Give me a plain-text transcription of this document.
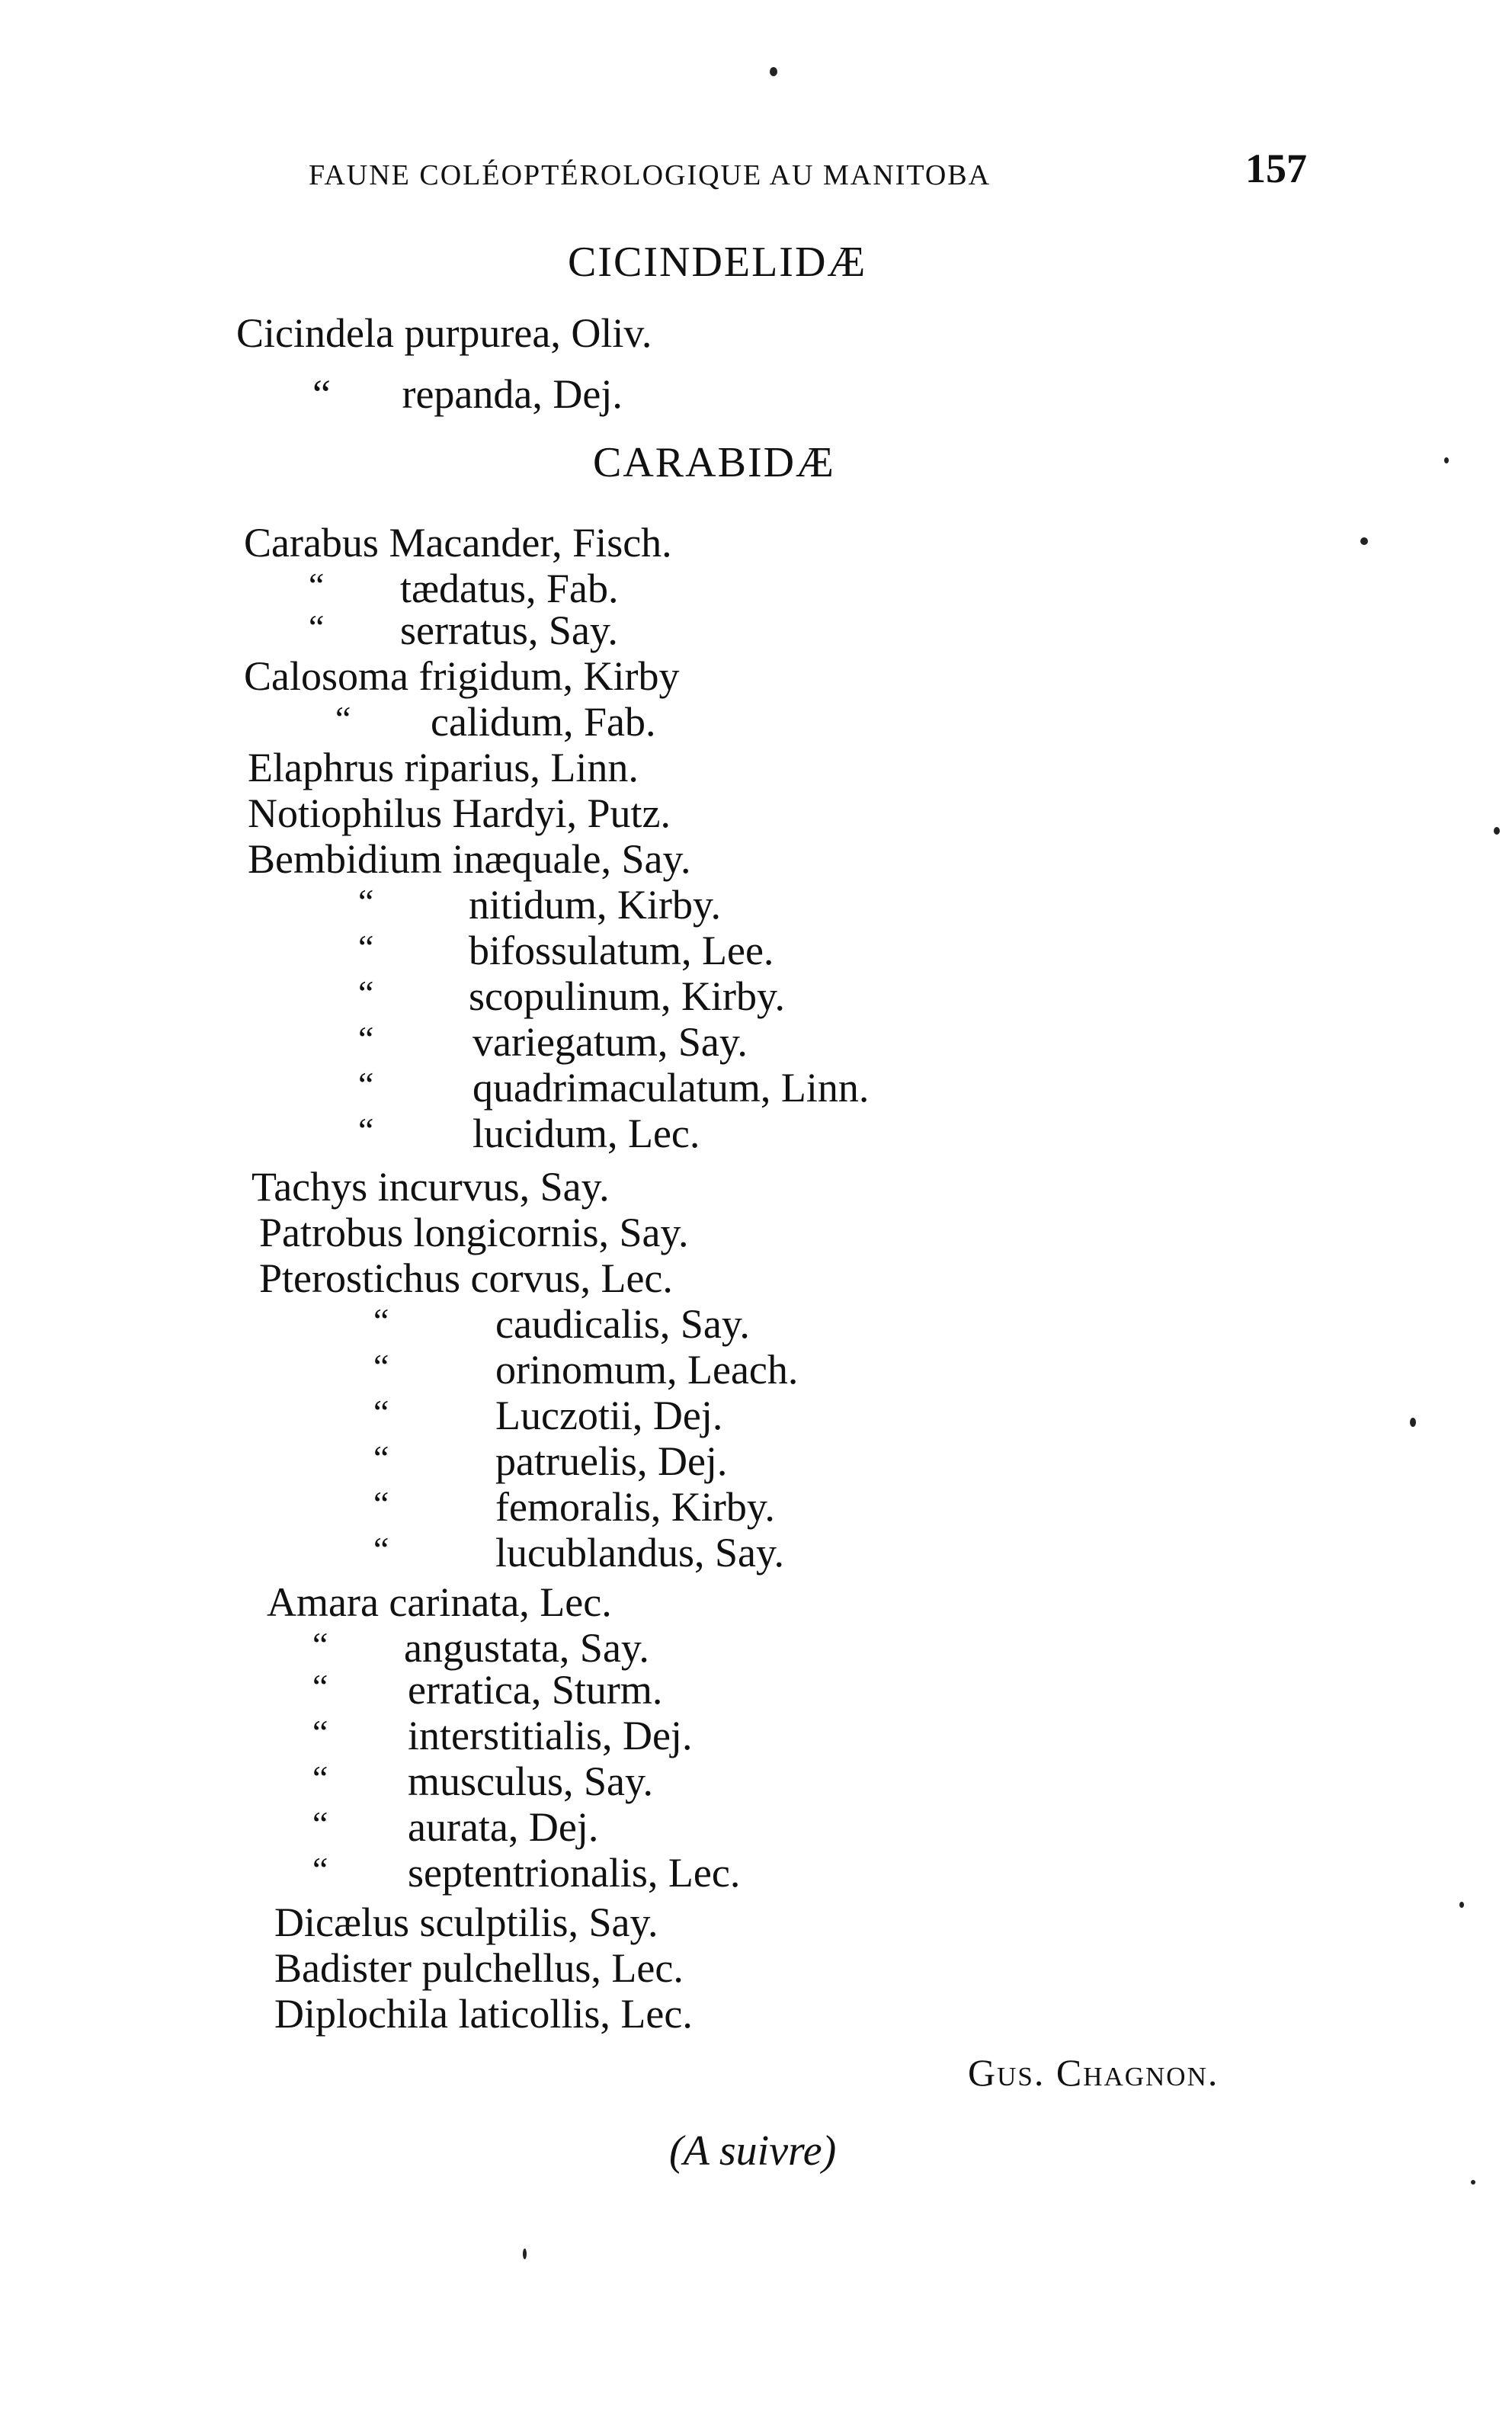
FAUNE COLÉOPTÉROLOGIQUE AU MANITOBA	157
CICINDELIDÆ
Cicindela purpurea, Oliv.
“ repanda, Dej.
CARABIDÆ
Carabus Macander, Fisch.
“ tædatus, Fab.
“ serratus, Say.
Calosoma frigidum, Kirby
“ calidum, Fab.
Elaphrus riparius, Linn.
Notiophilus Hardyi, Putz.
Bembidium inæquale, Say.
“ nitidum, Kirby.
“ bifossulatum, Lee.
“ scopulinum, Kirby.
“ variegatum, Say.
“ quadrimaculatum, Linn.
“ lucidum, Lec.
Tachys incurvus, Say.
Patrobus longicornis, Say.
Pterostichus corvus, Lec.
“	caudicalis, Say.
“	orinomum, Leach.
“	Luczotii, Dej.
“	patruelis, Dej.
“	femoralis, Kirby.
“	lucublandus, Say.
Amara carinata, Lec.
“ angustata, Say.
“ erratica, Sturm.
“ interstitialis, Dej.
“ musculus, Say.
“ aurata, Dej.
“ septentrionalis, Lec.
Dicælus sculptilis, Say.
Badister pulchellus, Lec.
Diplochila laticollis, Lec.
Gus. Chagnon.
(A suivre)
